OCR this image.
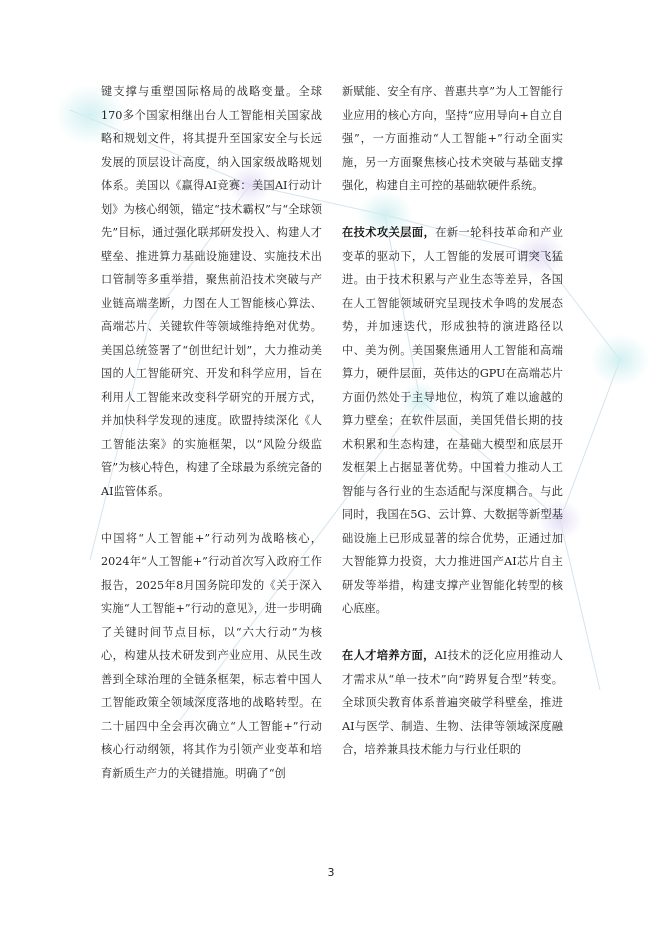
键支撑与重塑国际格局的战略变量。全球170多个国家相继出台人工智能相关国家战略和规划文件，将其提升至国家安全与长远发展的顶层设计高度，纳入国家级战略规划体系。美国以《赢得AI竞赛：美国AI行动计划》为核心纲领，锚定“技术霸权”与“全球领先”目标，通过强化联邦研发投入、构建人才壁垒、推进算力基础设施建设、实施技术出口管制等多重举措，聚焦前沿技术突破与产业链高端垄断，力图在人工智能核心算法、高端芯片、关键软件等领域维持绝对优势。美国总统签署了“创世纪计划”，大力推动美国的人工智能研究、开发和科学应用，旨在利用人工智能来改变科学研究的开展方式，并加快科学发现的速度。欧盟持续深化《人工智能法案》的实施框架，以“风险分级监管”为核心特色，构建了全球最为系统完备的AI监管体系。

中国将“人工智能+”行动列为战略核心，2024年“人工智能+”行动首次写入政府工作报告，2025年8月国务院印发的《关于深入实施“人工智能+”行动的意见》，进一步明确了关键时间节点目标，以“六大行动”为核心，构建从技术研发到产业应用、从民生改善到全球治理的全链条框架，标志着中国人工智能政策全领域深度落地的战略转型。在二十届四中全会再次确立“人工智能+”行动核心行动纲领，将其作为引领产业变革和培育新质生产力的关键措施。明确了“创

新赋能、安全有序、普惠共享”为人工智能行业应用的核心方向，坚持“应用导向+自立自强”，一方面推动“人工智能+”行动全面实施，另一方面聚焦核心技术突破与基础支撑强化，构建自主可控的基础软硬件系统。

在技术攻关层面，在新一轮科技革命和产业变革的驱动下，人工智能的发展可谓突飞猛进。由于技术积累与产业生态等差异，各国在人工智能领域研究呈现技术争鸣的发展态势，并加速迭代，形成独特的演进路径以中、美为例。美国聚焦通用人工智能和高端算力，硬件层面，英伟达的GPU在高端芯片方面仍然处于主导地位，构筑了难以逾越的算力壁垒；在软件层面，美国凭借长期的技术积累和生态构建，在基础大模型和底层开发框架上占据显著优势。中国着力推动人工智能与各行业的生态适配与深度耦合。与此同时，我国在5G、云计算、大数据等新型基础设施上已形成显著的综合优势，正通过加大智能算力投资，大力推进国产AI芯片自主研发等举措，构建支撑产业智能化转型的核心底座。

在人才培养方面，AI技术的泛化应用推动人才需求从“单一技术”向“跨界复合型”转变。全球顶尖教育体系普遍突破学科壁垒，推进AI与医学、制造、生物、法律等领域深度融合，培养兼具技术能力与行业任职的

3
